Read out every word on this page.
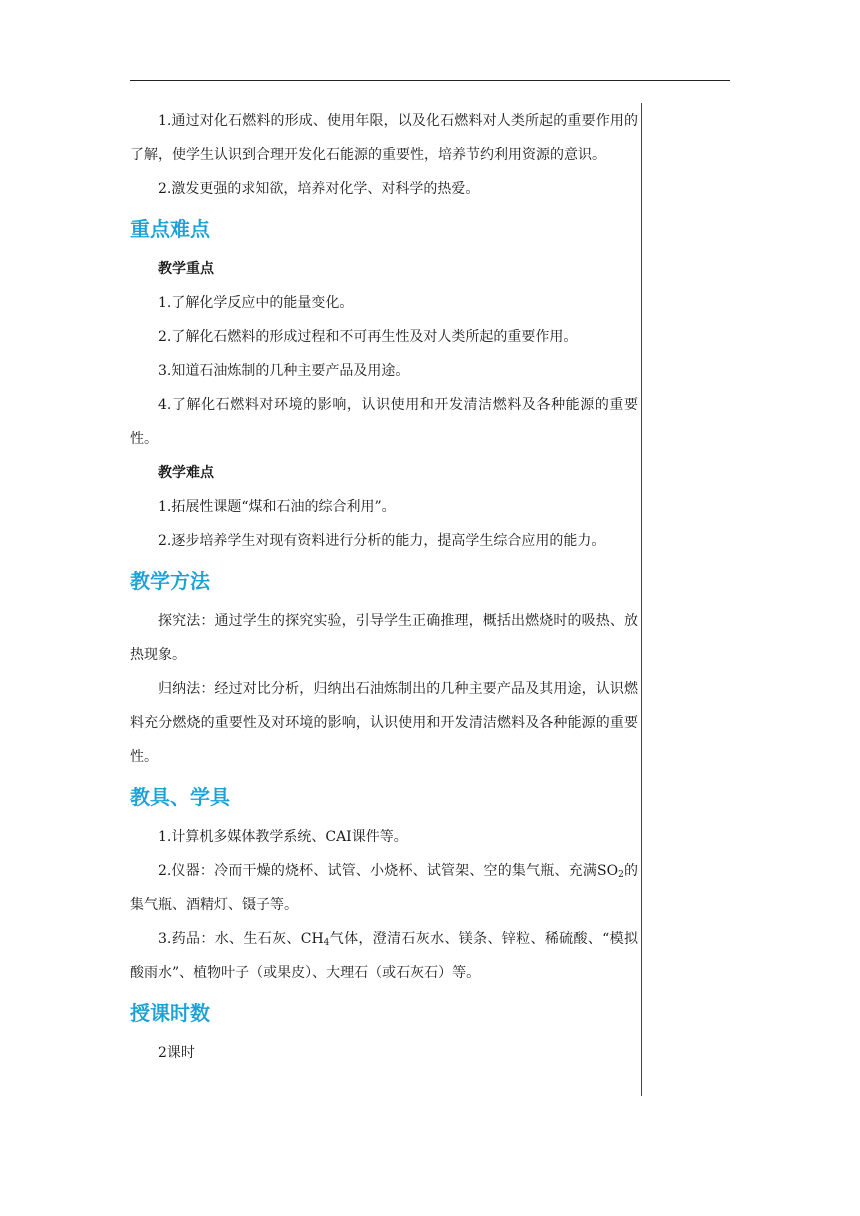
1.通过对化石燃料的形成、使用年限，以及化石燃料对人类所起的重要作用的了解，使学生认识到合理开发化石能源的重要性，培养节约利用资源的意识。

2.激发更强的求知欲，培养对化学、对科学的热爱。

重点难点

教学重点

1.了解化学反应中的能量变化。

2.了解化石燃料的形成过程和不可再生性及对人类所起的重要作用。

3.知道石油炼制的几种主要产品及用途。

4.了解化石燃料对环境的影响，认识使用和开发清洁燃料及各种能源的重要性。

教学难点

1.拓展性课题“煤和石油的综合利用”。

2.逐步培养学生对现有资料进行分析的能力，提高学生综合应用的能力。

教学方法

探究法：通过学生的探究实验，引导学生正确推理，概括出燃烧时的吸热、放热现象。

归纳法：经过对比分析，归纳出石油炼制出的几种主要产品及其用途，认识燃料充分燃烧的重要性及对环境的影响，认识使用和开发清洁燃料及各种能源的重要性。

教具、学具

1.计算机多媒体教学系统、CAI课件等。

2.仪器：冷而干燥的烧杯、试管、小烧杯、试管架、空的集气瓶、充满$SO_2$的集气瓶、酒精灯、镊子等。

3.药品：水、生石灰、$CH_4$气体，澄清石灰水、镁条、锌粒、稀硫酸、“模拟酸雨水”、植物叶子（或果皮）、大理石（或石灰石）等。

授课时数

2课时
